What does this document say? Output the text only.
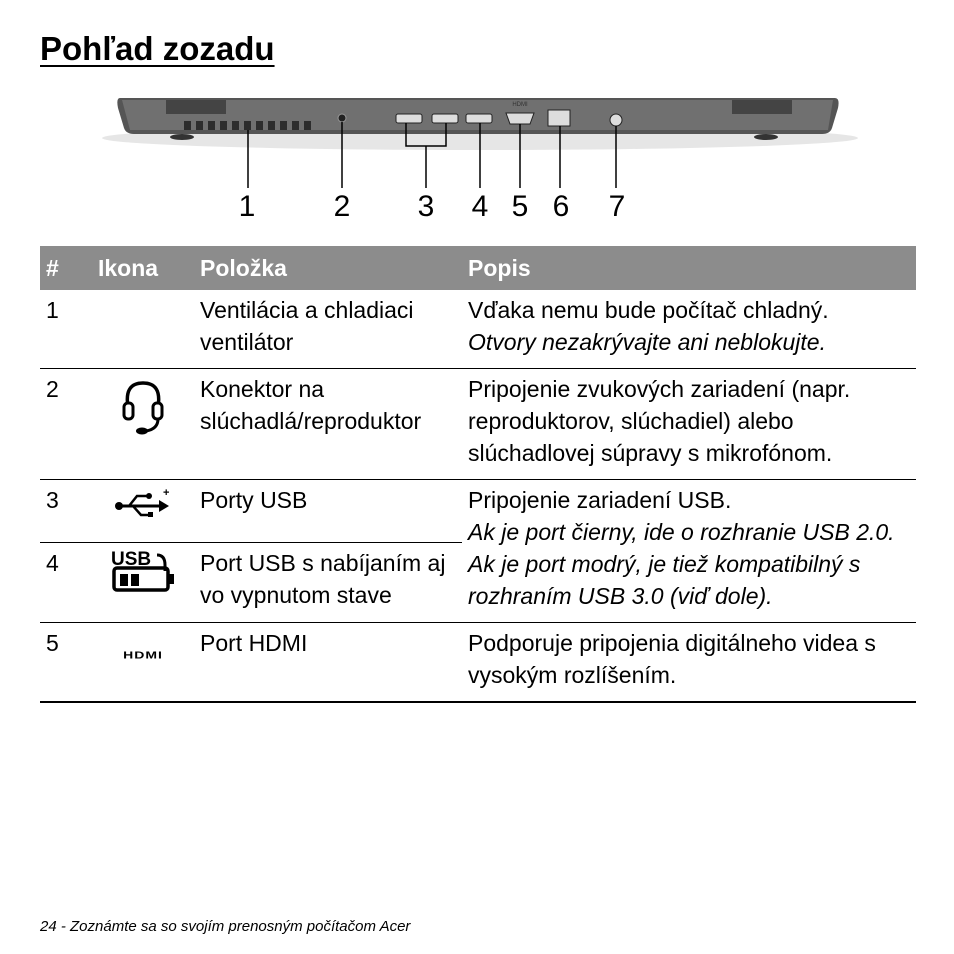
Pohľad zozadu
HDMI
1	2 3 4 5 6 7
#	Ikona	Položka	Popis
1		Ventilácia a chladiaci ventilátor	Vďaka nemu bude počítač chladný.
Otvory nezakrývajte ani neblokujte.

2		Konektor na slúchadlá/reproduktor	Pripojenie zvukových zariadení (napr. reproduktorov, slúchadiel) alebo slúchadlovej súpravy s mikrofónom.
3	+	Porty USB	Pripojenie zariadení USB.
Ak je port čierny, ide o rozhranie USB 2.0. Ak je port modrý, je tiež kompatibilný s rozhraním USB 3.0 (viď dole).

4	USB	Port USB s nabíjaním aj vo vypnutom stave	
5	HDMI	Port HDMI	Podporuje pripojenia digitálneho videa s vysokým rozlíšením.
24 - Zoznámte sa so svojím prenosným počítačom Acer
